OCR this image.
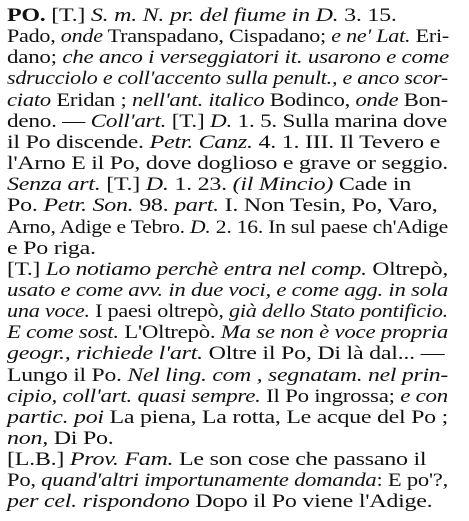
PO. [T.] S. m. N. pr. del fiume in D. 3. 15.
Pado, onde Transpadano, Cispadano; e ne' Lat. Eri-
dano; che anco i verseggiatori it. usarono e come
sdrucciolo e coll'accento sulla penult., e anco scor-
ciato Eridan ; nell'ant. italico Bodinco, onde Bon-
deno. — Coll'art. [T.] D. 1. 5. Sulla marina dove
il Po discende. Petr. Canz. 4. 1. III. Il Tevero e
l'Arno E il Po, dove doglioso e grave or seggio.
Senza art. [T.] D. 1. 23. (il Mincio) Cade in
Po. Petr. Son. 98. part. I. Non Tesin, Po, Varo,
Arno, Adige e Tebro. D. 2. 16. In sul paese ch'Adige
e Po riga.
[T.] Lo notiamo perchè entra nel comp. Oltrepò,
usato e come avv. in due voci, e come agg. in sola
una voce. I paesi oltrepò, già dello Stato pontificio.
E come sost. L'Oltrepò. Ma se non è voce propria
geogr., richiede l'art. Oltre il Po, Di là dal... —
Lungo il Po. Nel ling. com , segnatam. nel prin-
cipio, coll'art. quasi sempre. Il Po ingrossa; e con
partic. poi La piena, La rotta, Le acque del Po ;
non, Di Po.
[L.B.] Prov. Fam. Le son cose che passano il
Po, quand'altri importunamente domanda: E po'?,
per cel. rispondono Dopo il Po viene l'Adige.
